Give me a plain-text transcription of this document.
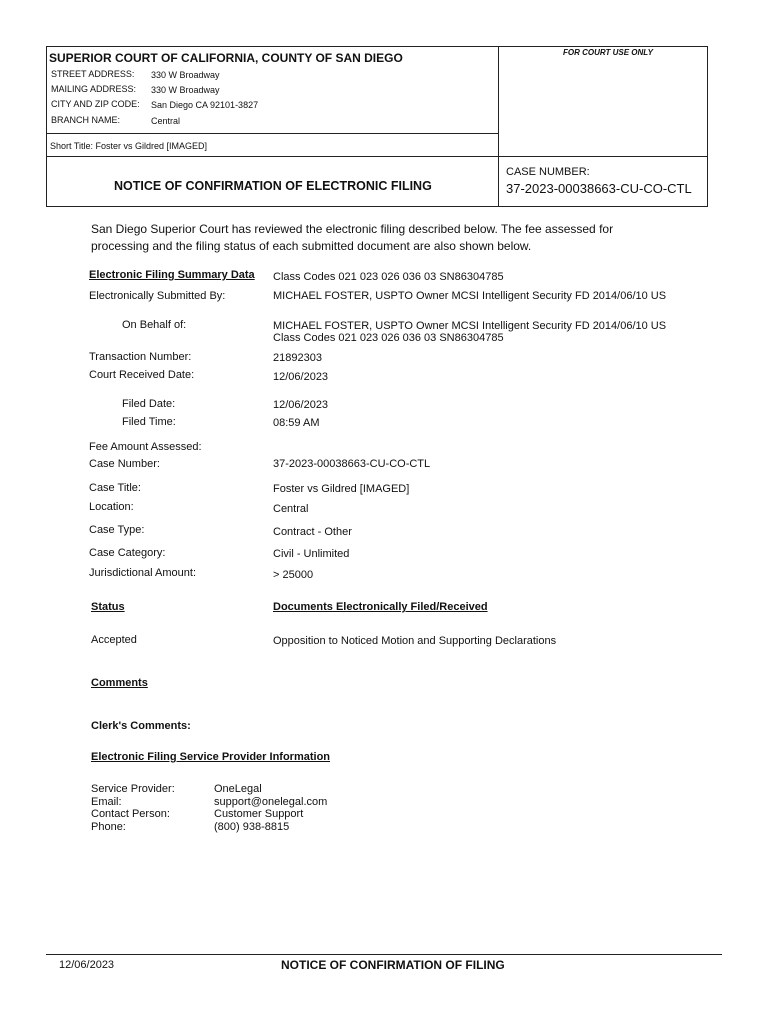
SUPERIOR COURT OF CALIFORNIA, COUNTY OF SAN DIEGO	FOR COURT USE ONLY
STREET ADDRESS: 330 W Broadway
MAILING ADDRESS: 330 W Broadway
CITY AND ZIP CODE: San Diego CA 92101-3827
BRANCH NAME:	Central
Short Title: Foster vs Gildred [IMAGED]
NOTICE OF CONFIRMATION OF ELECTRONIC FILING
CASE NUMBER:
37-2023-00038663-CU-CO-CTL
San Diego Superior Court has reviewed the electronic filing described below. The fee assessed for processing and the filing status of each submitted document are also shown below.
Electronic Filing Summary Data Class Codes 021 023 026 036 03 SN86304785
Electronically Submitted By:	MICHAEL FOSTER, USPTO Owner MCSI Intelligent Security FD 2014/06/10 US
On Behalf of:	MICHAEL FOSTER, USPTO Owner MCSI Intelligent Security FD 2014/06/10 US
Class Codes 021 023 026 036 03 SN86304785
Transaction Number:	21892303
Court Received Date:	12/06/2023
Filed Date:	12/06/2023
Filed Time:	08:59 AM
Fee Amount Assessed:
Case Number:	37-2023-00038663-CU-CO-CTL
Case Title:	Foster vs Gildred [IMAGED]
Location:	Central
Case Type:	Contract - Other
Case Category:	Civil - Unlimited
Jurisdictional Amount:	> 25000
Status	Documents Electronically Filed/Received
Accepted	Opposition to Noticed Motion and Supporting Declarations
Comments
Clerk's Comments:
Electronic Filing Service Provider Information
Service Provider:	OneLegal
Email:	support@onelegal.com
Contact Person:	Customer Support
Phone:	(800) 938-8815
12/06/2023	NOTICE OF CONFIRMATION OF FILING
